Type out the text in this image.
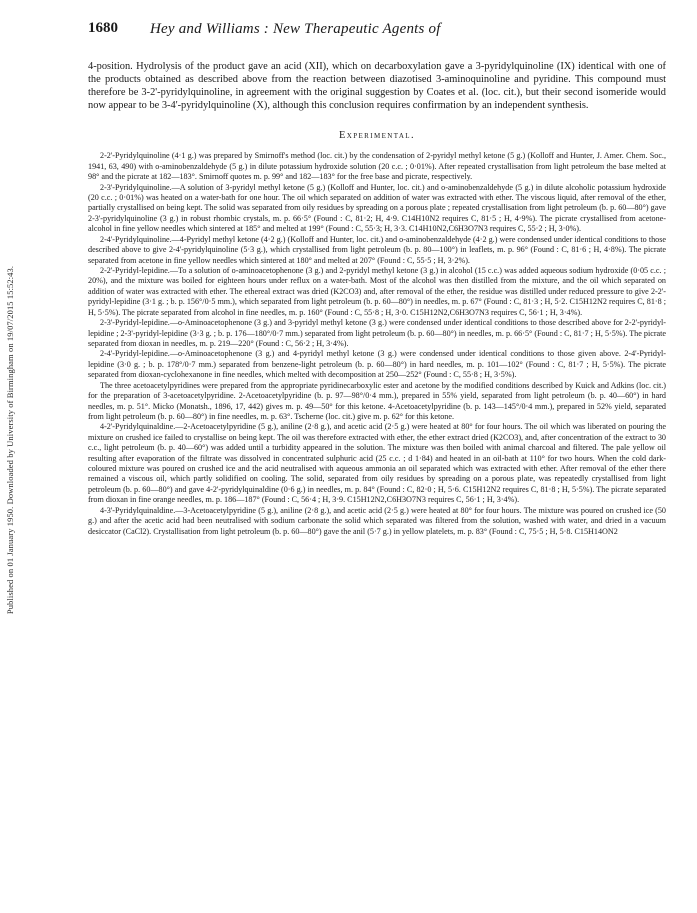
Published on 01 January 1950. Downloaded by University of Birmingham on 19/07/2015 15:52:43.
1680 Hey and Williams : New Therapeutic Agents of

4-position. Hydrolysis of the product gave an acid (XII), which on decarboxylation gave a 3-pyridylquinoline (IX) identical with one of the products obtained as described above from the reaction between diazotised 3-aminoquinoline and pyridine. This compound must therefore be 3-2'-pyridylquinoline, in agreement with the original suggestion by Coates et al. (loc. cit.), but their second isomeride would now appear to be 3-4'-pyridylquinoline (X), although this conclusion requires confirmation by an independent synthesis.

Experimental.

2-2'-Pyridylquinoline (4·1 g.) was prepared by Smirnoff's method (loc. cit.) by the condensation of 2-pyridyl methyl ketone (5 g.) (Kolloff and Hunter, J. Amer. Chem. Soc., 1941, 63, 490) with o-aminobenzaldehyde (5 g.) in dilute potassium hydroxide solution (20 c.c. ; 0·01%). After repeated crystallisation from light petroleum the base melted at 98° and the picrate at 182—183°. Smirnoff quotes m. p. 99° and 182—183° for the free base and picrate, respectively.

2-3'-Pyridylquinoline.—A solution of 3-pyridyl methyl ketone (5 g.) (Kolloff and Hunter, loc. cit.) and o-aminobenzaldehyde (5 g.) in dilute alcoholic potassium hydroxide (20 c.c. ; 0·01%) was heated on a water-bath for one hour. The oil which separated on addition of water was extracted with ether. The viscous liquid, after removal of the ether, partially crystallised on being kept. The solid was separated from oily residues by spreading on a porous plate ; repeated crystallisation from light petroleum (b. p. 60—80°) gave 2-3'-pyridylquinoline (3 g.) in robust rhombic crystals, m. p. 66·5° (Found : C, 81·2; H, 4·9. C14H10N2 requires C, 81·5 ; H, 4·9%). The picrate crystallised from acetone-alcohol in fine yellow needles which sintered at 185° and melted at 199° (Found : C, 55·3; H, 3·3. C14H10N2,C6H3O7N3 requires C, 55·2 ; H, 3·0%).

2-4'-Pyridylquinoline.—4-Pyridyl methyl ketone (4·2 g.) (Kolloff and Hunter, loc. cit.) and o-aminobenzaldehyde (4·2 g.) were condensed under identical conditions to those described above to give 2-4'-pyridylquinoline (5·3 g.), which crystallised from light petroleum (b. p. 80—100°) in leaflets, m. p. 96° (Found : C, 81·6 ; H, 4·8%). The picrate separated from acetone in fine yellow needles which sintered at 180° and melted at 207° (Found : C, 55·5 ; H, 3·2%).

2-2'-Pyridyl-lepidine.—To a solution of o-aminoacetophenone (3 g.) and 2-pyridyl methyl ketone (3 g.) in alcohol (15 c.c.) was added aqueous sodium hydroxide (0·05 c.c. ; 20%), and the mixture was boiled for eighteen hours under reflux on a water-bath. Most of the alcohol was then distilled from the mixture, and the oil which separated on addition of water was extracted with ether. The ethereal extract was dried (K2CO3) and, after removal of the ether, the residue was distilled under reduced pressure to give 2-2'-pyridyl-lepidine (3·1 g. ; b. p. 156°/0·5 mm.), which separated from light petroleum (b. p. 60—80°) in needles, m. p. 67° (Found : C, 81·3 ; H, 5·2. C15H12N2 requires C, 81·8 ; H, 5·5%). The picrate separated from alcohol in fine needles, m. p. 160° (Found : C, 55·8 ; H, 3·0. C15H12N2,C6H3O7N3 requires C, 56·1 ; H, 3·4%).

2-3'-Pyridyl-lepidine.—o-Aminoacetophenone (3 g.) and 3-pyridyl methyl ketone (3 g.) were condensed under identical conditions to those described above for 2-2'-pyridyl-lepidine ; 2-3'-pyridyl-lepidine (3·3 g. ; b. p. 176—180°/0·7 mm.) separated from light petroleum (b. p. 60—80°) in needles, m. p. 66·5° (Found : C, 81·7 ; H, 5·5%). The picrate separated from dioxan in needles, m. p. 219—220° (Found : C, 56·2 ; H, 3·4%).

2-4'-Pyridyl-lepidine.—o-Aminoacetophenone (3 g.) and 4-pyridyl methyl ketone (3 g.) were condensed under identical conditions to those given above. 2-4'-Pyridyl-lepidine (3·0 g. ; b. p. 178°/0·7 mm.) separated from benzene-light petroleum (b. p. 60—80°) in hard needles, m. p. 101—102° (Found : C, 81·7 ; H, 5·5%). The picrate separated from dioxan-cyclohexanone in fine needles, which melted with decomposition at 250—252° (Found : C, 55·8 ; H, 3·5%).

The three acetoacetylpyridines were prepared from the appropriate pyridinecarboxylic ester and acetone by the modified conditions described by Kuick and Adkins (loc. cit.) for the preparation of 3-acetoacetylpyridine. 2-Acetoacetylpyridine (b. p. 97—98°/0·4 mm.), prepared in 55% yield, separated from light petroleum (b. p. 40—60°) in hard needles, m. p. 51°. Micko (Monatsh., 1896, 17, 442) gives m. p. 49—50° for this ketone. 4-Acetoacetylpyridine (b. p. 143—145°/0·4 mm.), prepared in 52% yield, separated from light petroleum (b. p. 60—80°) in fine needles, m. p. 63°. Tscherne (loc. cit.) give m. p. 62° for this ketone.

4-2'-Pyridylquinaldine.—2-Acetoacetylpyridine (5 g.), aniline (2·8 g.), and acetic acid (2·5 g.) were heated at 80° for four hours. The oil which was liberated on pouring the mixture on crushed ice failed to crystallise on being kept. The oil was therefore extracted with ether, the ether extract dried (K2CO3), and, after concentration of the extract to 30 c.c., light petroleum (b. p. 40—60°) was added until a turbidity appeared in the solution. The mixture was then boiled with animal charcoal and filtered. The pale yellow oil resulting after evaporation of the filtrate was dissolved in concentrated sulphuric acid (25 c.c. ; d 1·84) and heated in an oil-bath at 110° for two hours. When the cold dark-coloured mixture was poured on crushed ice and the acid neutralised with aqueous ammonia an oil separated which was extracted with ether. After removal of the ether there remained a viscous oil, which partly solidified on cooling. The solid, separated from oily residues by spreading on a porous plate, was repeatedly crystallised from light petroleum (b. p. 60—80°) and gave 4-2'-pyridylquinaldine (0·6 g.) in needles, m. p. 84° (Found : C, 82·0 ; H, 5·6. C15H12N2 requires C, 81·8 ; H, 5·5%). The picrate separated from dioxan in fine orange needles, m. p. 186—187° (Found : C, 56·4 ; H, 3·9. C15H12N2,C6H3O7N3 requires C, 56·1 ; H, 3·4%).

4-3'-Pyridylquinaldine.—3-Acetoacetylpyridine (5 g.), aniline (2·8 g.), and acetic acid (2·5 g.) were heated at 80° for four hours. The mixture was poured on crushed ice (50 g.) and after the acetic acid had been neutralised with sodium carbonate the solid which separated was filtered from the solution, washed with water, and dried in a vacuum desiccator (CaCl2). Crystallisation from light petroleum (b. p. 60—80°) gave the anil (5·7 g.) in yellow platelets, m. p. 83° (Found : C, 75·5 ; H, 5·8. C15H14ON2
